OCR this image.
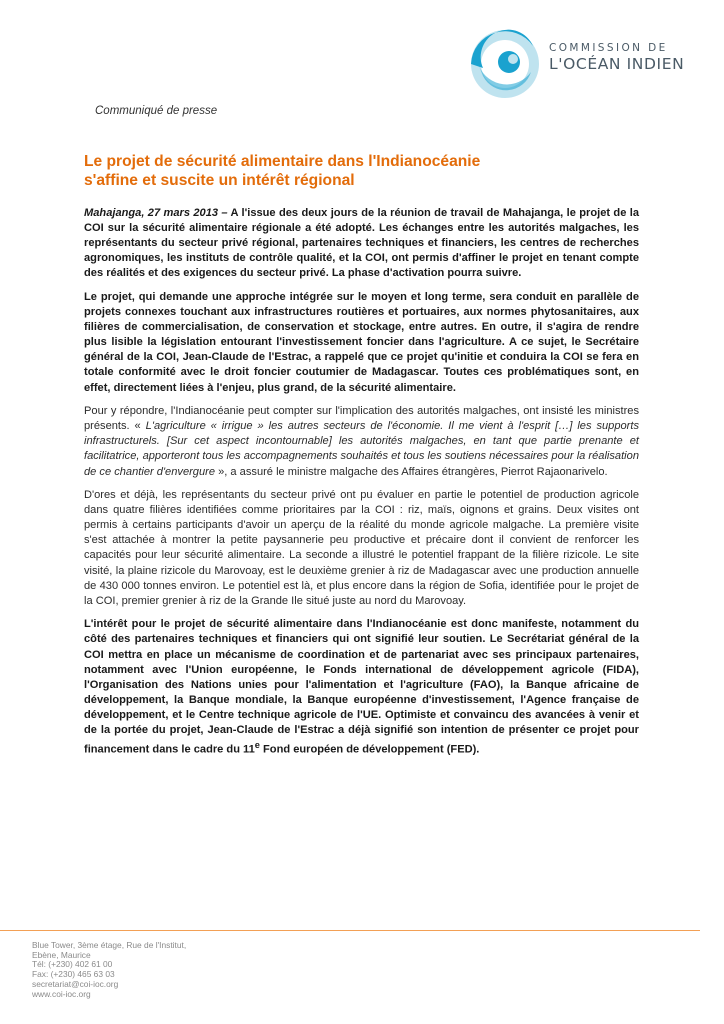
COMMISSION DE
L'OCÉAN INDIEN
Communiqué de presse
Le projet de sécurité alimentaire dans l'Indianocéanie
s'affine et suscite un intérêt régional

Mahajanga, 27 mars 2013 – A l'issue des deux jours de la réunion de travail de Mahajanga, le projet de la COI sur la sécurité alimentaire régionale a été adopté. Les échanges entre les autorités malgaches, les représentants du secteur privé régional, partenaires techniques et financiers, les centres de recherches agronomiques, les instituts de contrôle qualité, et la COI, ont permis d'affiner le projet en tenant compte des réalités et des exigences du secteur privé. La phase d'activation pourra suivre.

Le projet, qui demande une approche intégrée sur le moyen et long terme, sera conduit en parallèle de projets connexes touchant aux infrastructures routières et portuaires, aux normes phytosanitaires, aux filières de commercialisation, de conservation et stockage, entre autres. En outre, il s'agira de rendre plus lisible la législation entourant l'investissement foncier dans l'agriculture. A ce sujet, le Secrétaire général de la COI, Jean-Claude de l'Estrac, a rappelé que ce projet qu'initie et conduira la COI se fera en totale conformité avec le droit foncier coutumier de Madagascar. Toutes ces problématiques sont, en effet, directement liées à l'enjeu, plus grand, de la sécurité alimentaire.

Pour y répondre, l'Indianocéanie peut compter sur l'implication des autorités malgaches, ont insisté les ministres présents. « L'agriculture « irrigue » les autres secteurs de l'économie. Il me vient à l'esprit […] les supports infrastructurels. [Sur cet aspect incontournable] les autorités malgaches, en tant que partie prenante et facilitatrice, apporteront tous les accompagnements souhaités et tous les soutiens nécessaires pour la réalisation de ce chantier d'envergure », a assuré le ministre malgache des Affaires étrangères, Pierrot Rajaonarivelo.

D'ores et déjà, les représentants du secteur privé ont pu évaluer en partie le potentiel de production agricole dans quatre filières identifiées comme prioritaires par la COI : riz, maïs, oignons et grains. Deux visites ont permis à certains participants d'avoir un aperçu de la réalité du monde agricole malgache. La première visite s'est attachée à montrer la petite paysannerie peu productive et précaire dont il convient de renforcer les capacités pour leur sécurité alimentaire. La seconde a illustré le potentiel frappant de la filière rizicole. Le site visité, la plaine rizicole du Marovoay, est le deuxième grenier à riz de Madagascar avec une production annuelle de 430 000 tonnes environ. Le potentiel est là, et plus encore dans la région de Sofia, identifiée pour le projet de la COI, premier grenier à riz de la Grande Ile situé juste au nord du Marovoay.

L'intérêt pour le projet de sécurité alimentaire dans l'Indianocéanie est donc manifeste, notamment du côté des partenaires techniques et financiers qui ont signifié leur soutien. Le Secrétariat général de la COI mettra en place un mécanisme de coordination et de partenariat avec ses principaux partenaires, notamment avec l'Union européenne, le Fonds international de développement agricole (FIDA), l'Organisation des Nations unies pour l'alimentation et l'agriculture (FAO), la Banque africaine de développement, la Banque mondiale, la Banque européenne d'investissement, l'Agence française de développement, et le Centre technique agricole de l'UE. Optimiste et convaincu des avancées à venir et de la portée du projet, Jean-Claude de l'Estrac a déjà signifié son intention de présenter ce projet pour financement dans le cadre du 11e Fond européen de développement (FED).

Blue Tower, 3ème étage, Rue de l'Institut,
Ebène, Maurice
Tél: (+230) 402 61 00
Fax: (+230) 465 63 03
secretariat@coi-ioc.org
www.coi-ioc.org
